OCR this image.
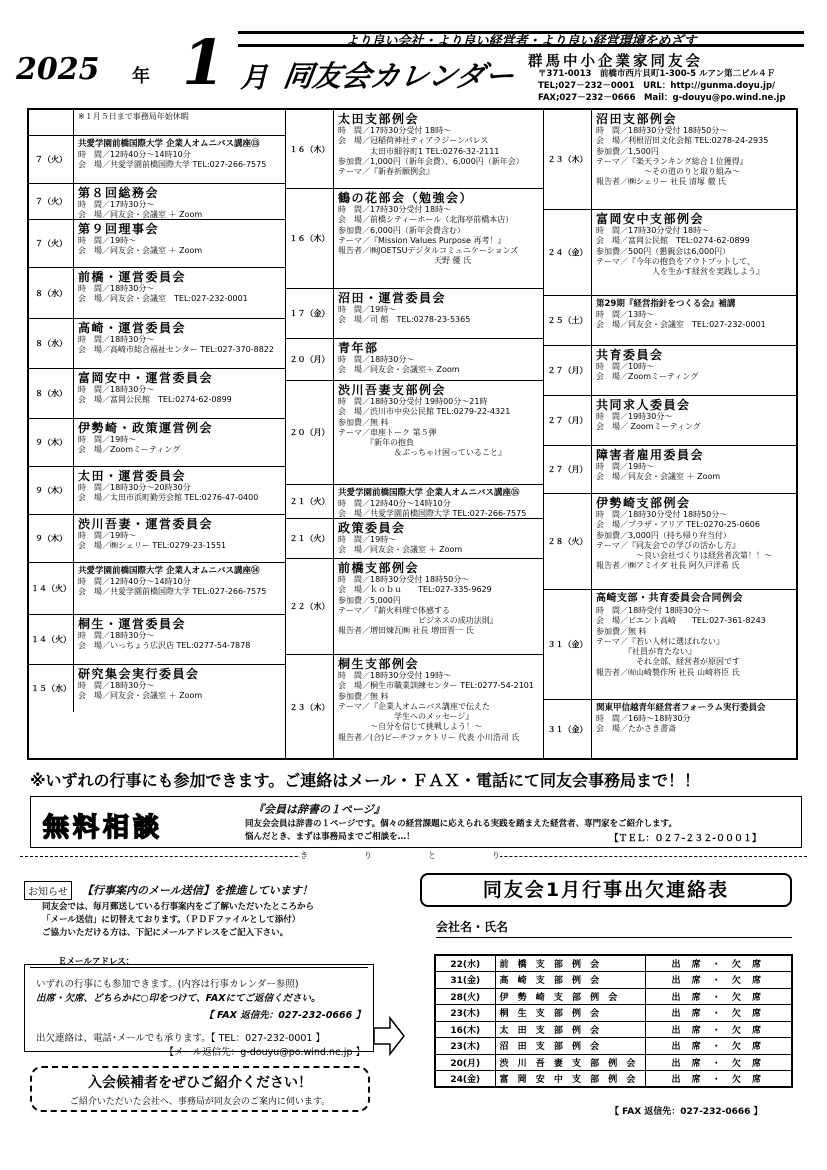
より良い会社・より良い経営者・より良い経営環境をめざす
2025 年 1 月 同友会カレンダー 群馬中小企業家同友会
〒371-0013　前橋市西片貝町1-300-5 ルアン第二ビル４Ｆ
TEL;027－232－0001　URL：http://gunma.doyu.jp/
FAX;027－232－0666　Mail：g-douyu@po.wind.ne.jp
※１月５日まで事務局年始休暇
７（火）
共愛学園前橋国際大学 企業人オムニバス講座⑬
時　間／12時40分～14時10分
会　場／共愛学園前橋国際大学 TEL:027-266-7575
７（火）
第８回総務会
時　間／17時30分～
会　場／同友会・会議室 ＋ Zoom
７（火）
第９回理事会
時　間／19時～
会　場／同友会・会議室 ＋ Zoom
８（水）
前橋・運営委員会
時　間／18時30分～
会　場／同友会・会議室　TEL:027-232-0001
８（水）
高崎・運営委員会
時　間／18時30分～
会　場／高崎市総合福祉センター TEL:027-370-8822
８（水）
富岡安中・運営委員会
時　間／18時30分～
会　場／富岡公民館　TEL:0274-62-0899
９（木）
伊勢崎・政策運営例会
時　間／19時～
会　場／Zoomミーティング
９（木）
太田・運営委員会
時　間／18時30分～20時30分
会　場／太田市浜町勤労会館 TEL:0276-47-0400
９（木）
渋川吾妻・運営委員会
時　間／19時～
会　場／㈱シェリー TEL:0279-23-1551
１４（火）
共愛学園前橋国際大学 企業人オムニバス講座⑭
時　間／12時40分～14時10分
会　場／共愛学園前橋国際大学 TEL:027-266-7575
１４（火）
桐生・運営委員会
時　間／18時30分～
会　場／いっちょう広沢店 TEL:0277-54-7878
１５（水）
研究集会実行委員会
時　間／18時30分～
会　場／同友会・会議室 ＋ Zoom
１６（木）
太田支部例会
時　間／17時30分受付 18時～
会　場／冠稲荷神社ティアラジーンパレス
　　　　太田市細谷町1 TEL:0276-32-2111
参加費／1,000円（新年会費）、6,000円（新年会）
テーマ／『新春祈願例会』
１６（木）
鶴の花部会（勉強会）
時　間／17時30分受付 18時～
会　場／前橋シティーホール（北海亭前橋本店）
参加費／6,000円（新年会費含む）
テーマ／『Mission Values Purpose 再考！』
報告者／㈱JOETSUデジタルコミュニケーションズ
　　　　　　　　　　　　天野 優 氏
１７（金）
沼田・運営委員会
時　間／19時～
会　場／司 館　TEL:0278-23-5365
２０（月）
青年部
時　間／18時30分～
会　場／同友会・会議室＋ Zoom
２０（月）
渋川吾妻支部例会
時　間／18時30分受付 19時00分～21時
会　場／渋川市中央公民館 TEL:0279-22-4321
参加費／無 料
テーマ／車座トーク 第５弾
　　　　『新年の抱負
　　　　　　　＆ぶっちゃけ困っていること』
２１（火）
共愛学園前橋国際大学 企業人オムニバス講座⑮
時　間／12時40分～14時10分
会　場／共愛学園前橋国際大学 TEL:027-266-7575
２１（火）
政策委員会
時　間／19時～
会　場／同友会・会議室 ＋ Zoom
２２（水）
前橋支部例会
時　間／18時30分受付 18時50分～
会　場／ｋｏｂｕ　　TEL:027-335-9629
参加費／5,000円
テーマ／『薪火料理で体感する
　　　　　　　　　　ビジネスの成功法則』
報告者／増田煉瓦㈱ 社長 増田晋一 氏
２３（木）
桐生支部例会
時　間／18時30分受付 19時～
会　場／桐生市職業訓練センター TEL:0277-54-2101
参加費／無 料
テーマ／『企業人オムニバス講座で伝えた
　　　　　　　学生へのメッセージ』
　　　　～自分を信じて挑戦しよう！～
報告者／(合)ビーチファクトリー 代表 小川浩司 氏
２３（木）
沼田支部例会
時　間／18時30分受付 18時50分～
会　場／利根沼田文化会館 TEL:0278-24-2935
参加費／1,500円
テーマ／『楽天ランキング総合１位獲得』
　　　　　　～その道のりと取り組み～
報告者／㈱シェリー 社長 清塚 徹 氏
２４（金）
富岡安中支部例会
時　間／17時30分受付 18時～
会　場／富岡公民館　TEL:0274-62-0899
参加費／500円（懇親会は6,000円）
テーマ／『今年の抱負をアウトプットして、
　　　　　　　人を生かす経営を実践しよう』
２５（土）
第29期『経営指針をつくる会』補講
時　間／13時～
会　場／同友会・会議室　TEL:027-232-0001
２７（月）
共育委員会
時　間／10時～
会　場／Zoomミーティング
２７（月）
共同求人委員会
時　間／19時30分～
会　場／ Zoomミーティング
２７（月）
障害者雇用委員会
時　間／19時～
会　場／同友会・会議室 ＋ Zoom
２８（火）
伊勢崎支部例会
時　間／18時30分受付 18時50分～
会　場／プラザ・アリア TEL:0270-25-0606
参加費／3,000円（持ち帰り弁当付）
テーマ／『同友会での学びの活かし方』
　　　　　～良い会社づくりは経営者次第！！～
報告者／㈱アミイダ 社長 阿久戸洋希 氏
３１（金）
高崎支部・共育委員会合同例会
時　間／18時受付 18時30分～
会　場／ビエント高崎　　TEL:027-361-8243
参加費／無 料
テーマ／『若い人材に選ばれない』
　　　　『社員が育たない』
　　　　　それ全部、経営者が原因です
報告者／㈲山崎製作所 社長 山崎将臣 氏
３１（金）
関東甲信越青年経営者フォーラム実行委員会
時　間／16時～18時30分
会　場／たかさき書斎
※いずれの行事にも参加できます。ご連絡はメール・ＦＡＸ・電話にて同友会事務局まで！！
無料相談
『会員は辞書の１ページ』
同友会会員は辞書の１ページです。個々の経営課題に応えられる実践を踏まえた経営者、専門家をご紹介します。
悩んだとき、まずは事務局までご相談を…！	【ＴＥＬ：０２７-２３２-０００１】
き	り	と	り
お知らせ	【行事案内のメール送信】を推進しています！
同友会では、毎月郵送している行事案内をご了解いただいたところから
「メール送信」に切替えております。（ＰＤＦファイルとして添付）
ご協力いただける方は、下記にメールアドレスをご記入下さい。
Ｅメールアドレス：
いずれの行事にも参加できます。(内容は行事カレンダー参照)
出席・欠席、どちらかに○印をつけて、FAXにてご返信ください。
【 FAX 返信先：027-232-0666 】
出欠連絡は、電話･メールでも承ります。【 TEL：027-232-0001 】
【メール返信先：g-douyu@po.wind.ne.jp 】
入会候補者をぜひご紹介ください！
ご紹介いただいた会社へ、事務局が同友会のご案内に伺います。
同友会1月行事出欠連絡表
会社名・氏名
22(水)	前 橋 支 部 例 会	出 席 ・ 欠 席
31(金)	高 崎 支 部 例 会	出 席 ・ 欠 席
28(火)	伊 勢 崎 支 部 例 会	出 席 ・ 欠 席
23(木)	桐 生 支 部 例 会	出 席 ・ 欠 席
16(木)	太 田 支 部 例 会	出 席 ・ 欠 席
23(木)	沼 田 支 部 例 会	出 席 ・ 欠 席
20(月)	渋 川 吾 妻 支 部 例 会	出 席 ・ 欠 席
24(金)	富 岡 安 中 支 部 例 会	出 席 ・ 欠 席
【 FAX 返信先：027-232-0666 】
